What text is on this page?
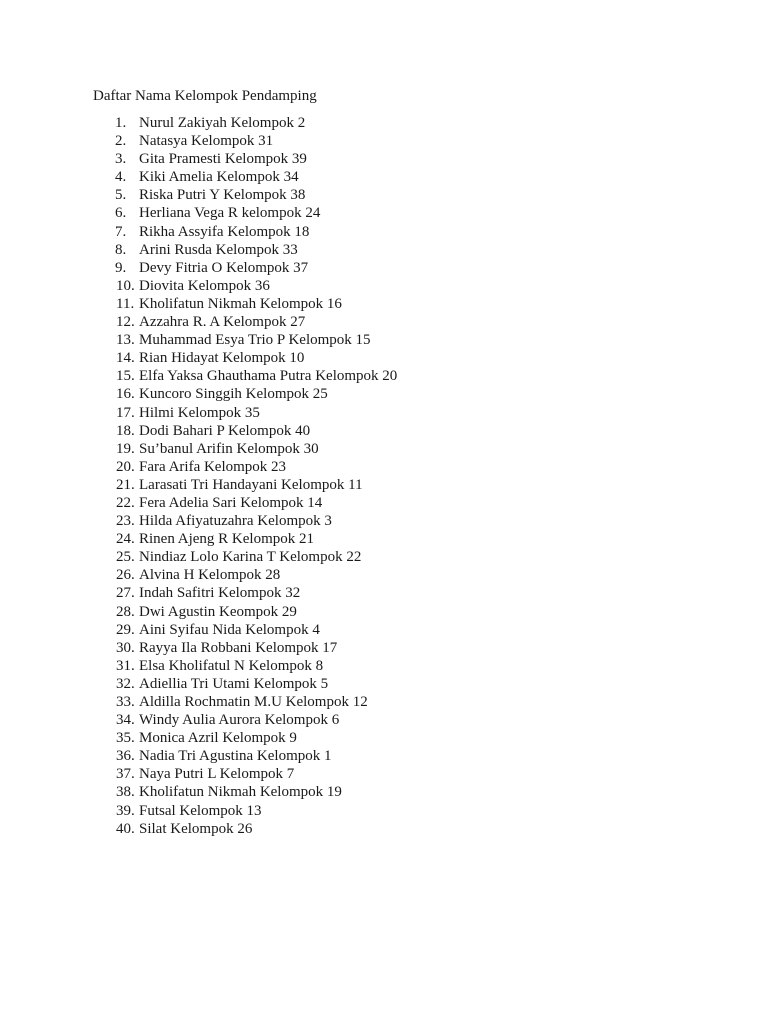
Daftar Nama Kelompok Pendamping
1. Nurul Zakiyah Kelompok 2
2. Natasya Kelompok 31
3. Gita Pramesti Kelompok 39
4. Kiki Amelia Kelompok 34
5. Riska Putri Y Kelompok 38
6. Herliana Vega R kelompok 24
7. Rikha Assyifa Kelompok 18
8. Arini Rusda Kelompok 33
9. Devy Fitria O Kelompok 37
10. Diovita Kelompok 36
11. Kholifatun Nikmah Kelompok 16
12. Azzahra R. A Kelompok 27
13. Muhammad Esya Trio P Kelompok 15
14. Rian Hidayat Kelompok 10
15. Elfa Yaksa Ghauthama Putra Kelompok 20
16. Kuncoro Singgih Kelompok 25
17. Hilmi Kelompok 35
18. Dodi Bahari P Kelompok 40
19. Su’banul Arifin Kelompok 30
20. Fara Arifa Kelompok 23
21. Larasati Tri Handayani Kelompok 11
22. Fera Adelia Sari Kelompok 14
23. Hilda Afiyatuzahra Kelompok 3
24. Rinen Ajeng R Kelompok 21
25. Nindiaz Lolo Karina T Kelompok 22
26. Alvina H Kelompok 28
27. Indah Safitri Kelompok 32
28. Dwi Agustin Keompok 29
29. Aini Syifau Nida Kelompok 4
30. Rayya Ila Robbani Kelompok 17
31. Elsa Kholifatul N Kelompok 8
32. Adiellia Tri Utami Kelompok 5
33. Aldilla Rochmatin M.U Kelompok 12
34. Windy Aulia Aurora Kelompok 6
35. Monica Azril Kelompok 9
36. Nadia Tri Agustina Kelompok 1
37. Naya Putri L Kelompok 7
38. Kholifatun Nikmah Kelompok 19
39. Futsal Kelompok 13
40. Silat Kelompok 26
